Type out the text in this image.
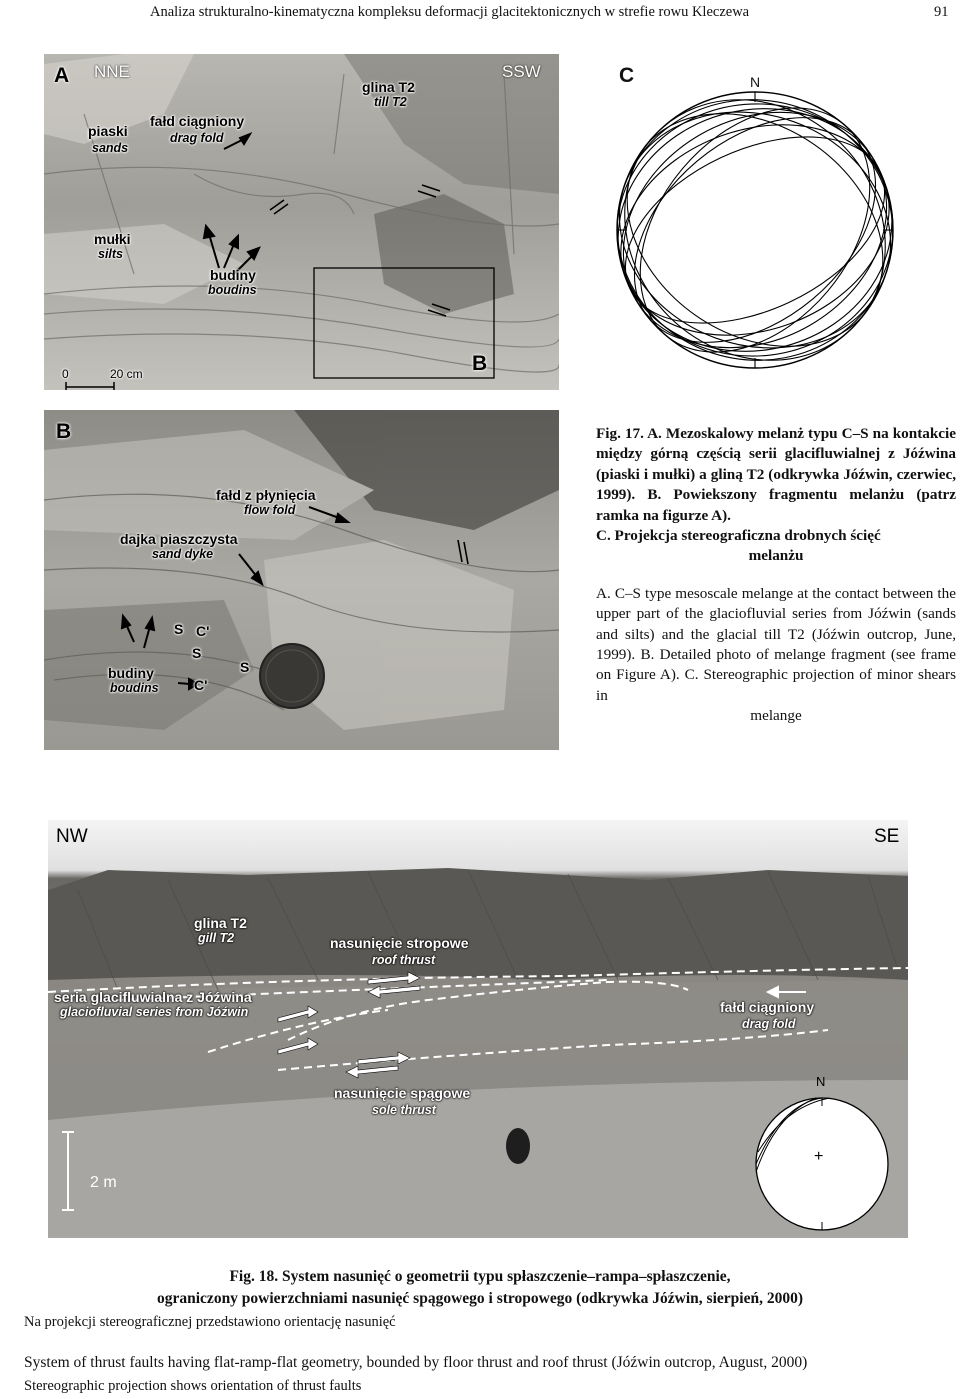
Analiza strukturalno-kinematyczna kompleksu deformacji glacitektonicznych w strefie rowu Kleczewa	91
A NNE	SSW
glina T2
till T2
piaski
sands
fałd ciągniony
drag fold
mułki
silts
budiny
boudins
B
0	20 cm
C	N
B
fałd z płynięcia
flow fold
dajka piaszczysta
sand dyke
budiny
boudins
S C'
S
S
C'

Fig. 17. A. Mezoskalowy melanż typu C–S na kontakcie między górną częścią serii glacifluwialnej z Jóźwina (piaski i mułki) a gliną T2 (odkrywka Jóźwin, czerwiec, 1999). B. Powiekszony fragmentu melanżu (patrz ramka na figurze A).

C. Projekcja stereograficzna drobnych ścięć

melanżu

A. C–S type mesoscale melange at the contact between the upper part of the glaciofluvial series from Jóźwin (sands and silts) and the glacial till T2 (Jóźwin outcrop, June, 1999). B. Detailed photo of melange fragment (see frame on Figure A). C. Stereographic projection of minor shears in

melange

NW	SE
glina T2
gill T2	nasunięcie stropowe
roof thrust
seria glacifluwialna z Jóźwina
glaciofluvial series from Jóźwin	fałd ciągniony
drag fold
nasunięcie spągowe
sole thrust
2 m
N
+
Fig. 18. System nasunięć o geometrii typu spłaszczenie–rampa–spłaszczenie,
ograniczony powierzchniami nasunięć spągowego i stropowego (odkrywka Jóźwin, sierpień, 2000)
Na projekcji stereograficznej przedstawiono orientację nasunięć
System of thrust faults having flat-ramp-flat geometry, bounded by floor thrust and roof thrust (Jóźwin outcrop, August, 2000)
Stereographic projection shows orientation of thrust faults
